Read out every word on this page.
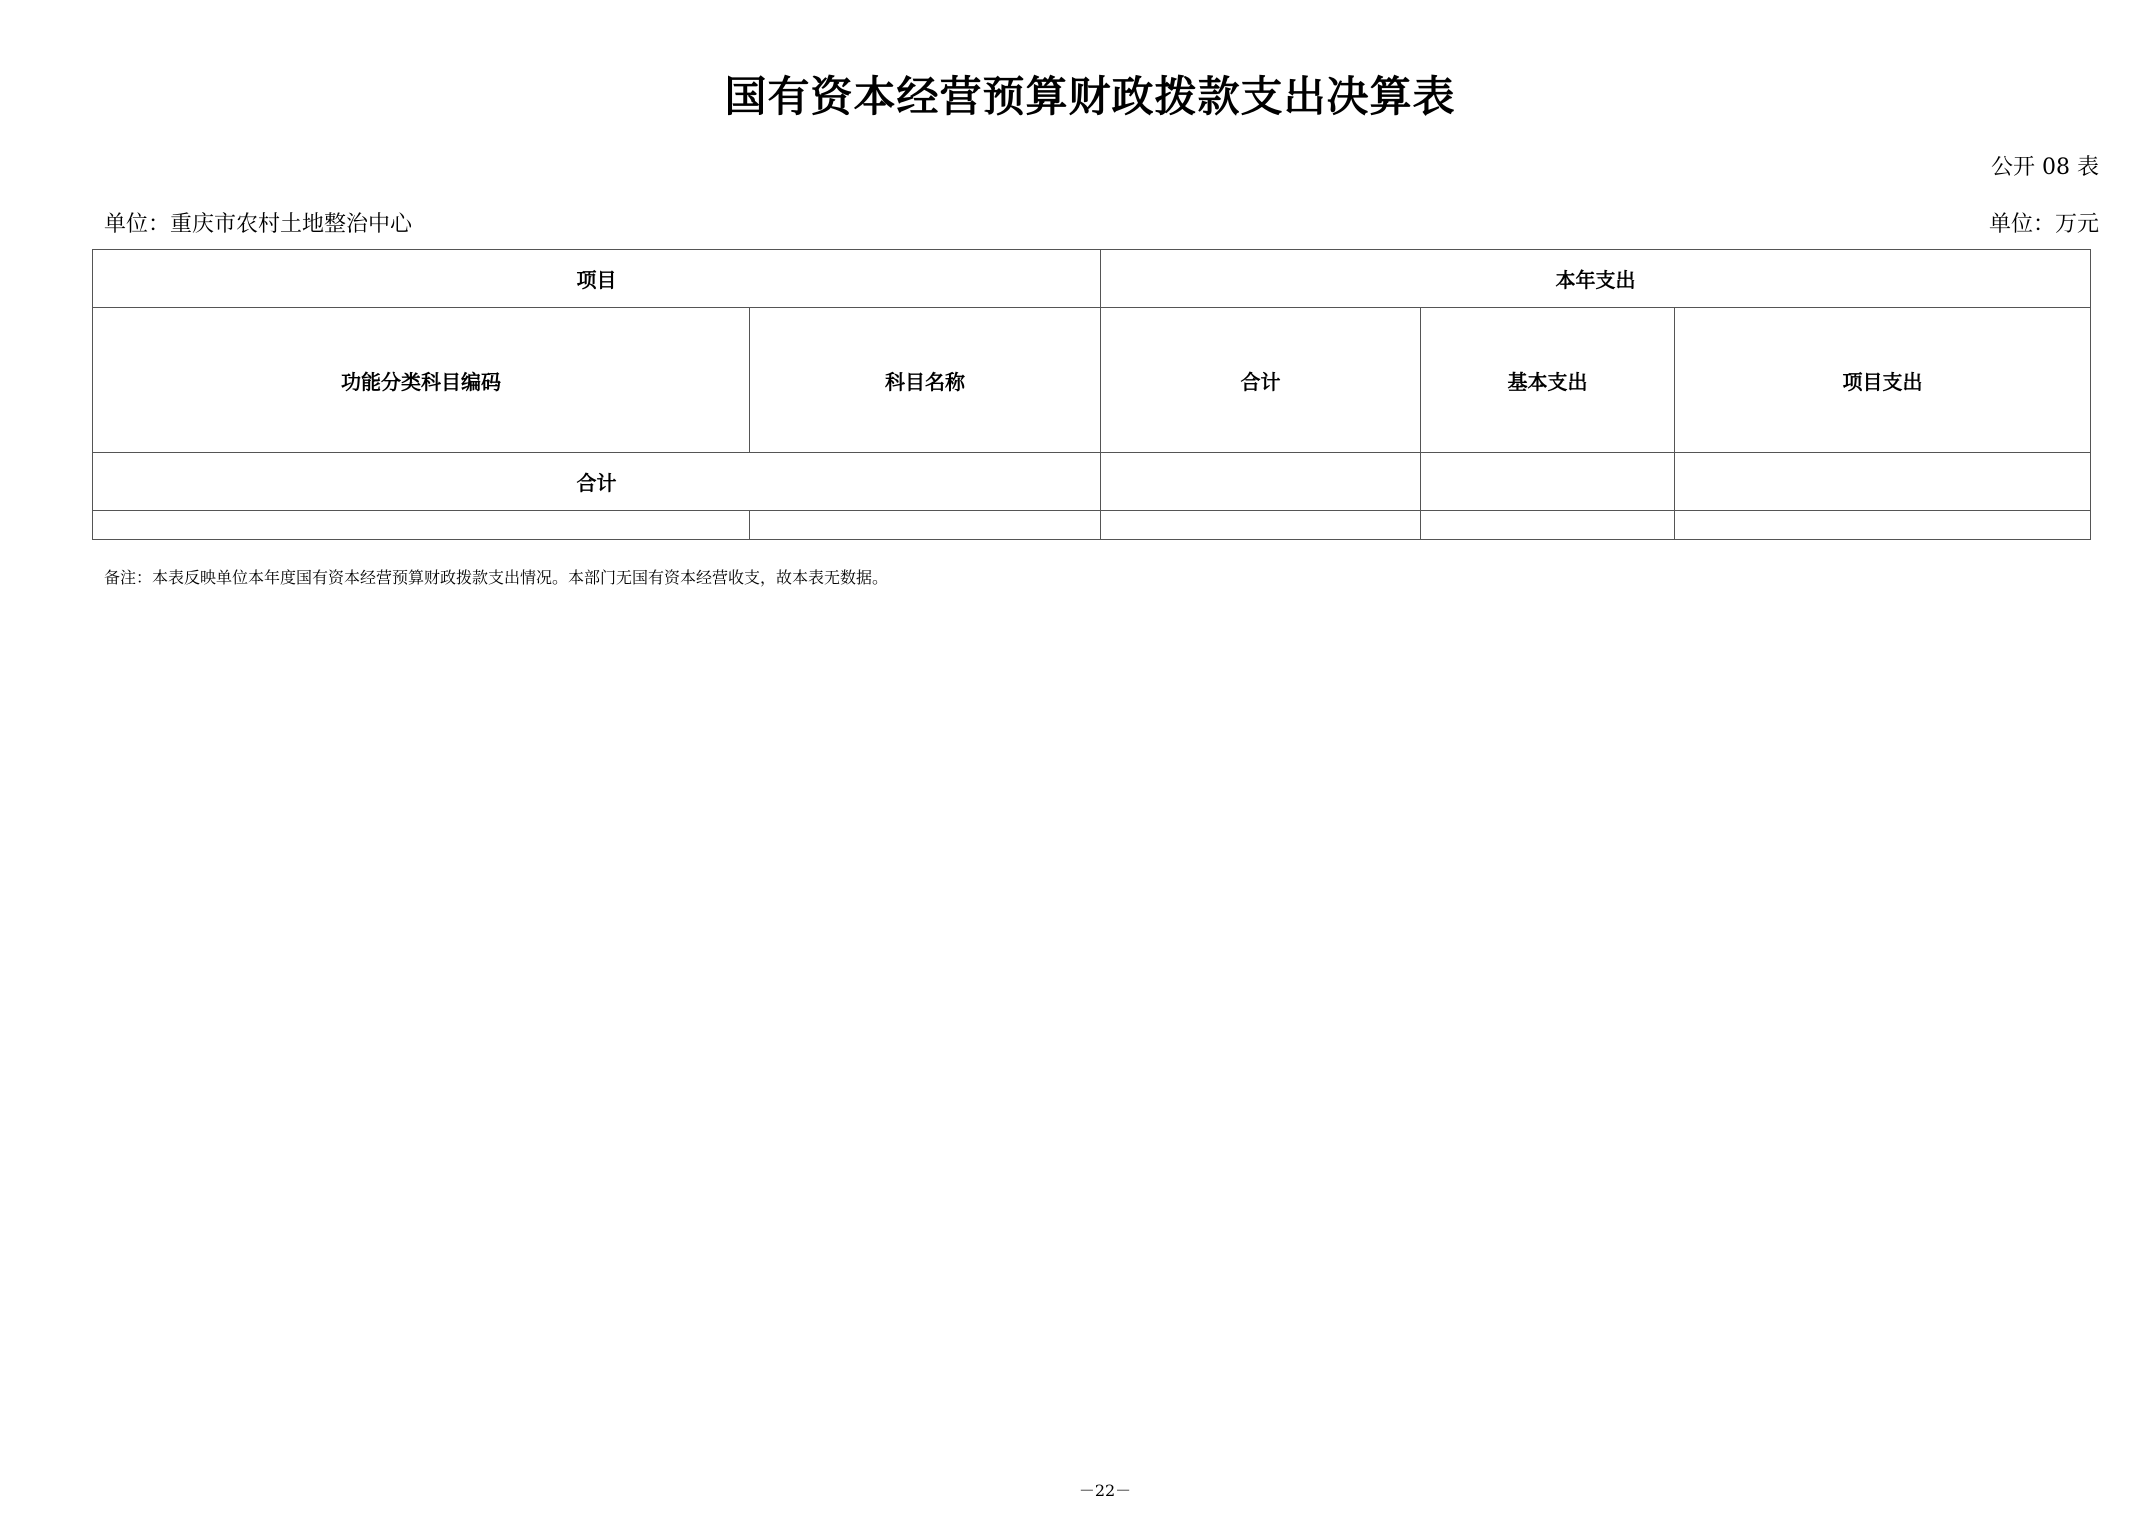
国有资本经营预算财政拨款支出决算表
公开 08 表
单位：重庆市农村土地整治中心	单位：万元
项目		本年支出		
功能分类科目编码	科目名称	合计	基本支出	项目支出
合计				

备注：本表反映单位本年度国有资本经营预算财政拨款支出情况。本部门无国有资本经营收支，故本表无数据。
－22－
